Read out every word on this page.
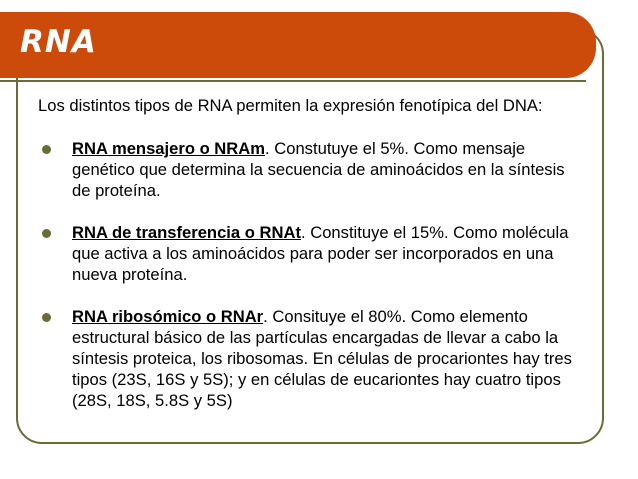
RNA

Los distintos tipos de RNA permiten la expresión fenotípica del DNA:

RNA mensajero o NRAm. Constutuye el 5%. Como mensaje genético que determina la secuencia de aminoácidos en la síntesis de proteína.
RNA de transferencia o RNAt. Constituye el 15%. Como molécula que activa a los aminoácidos para poder ser incorporados en una nueva proteína.
RNA ribosómico o RNAr. Consituye el 80%. Como elemento estructural básico de las partículas encargadas de llevar a cabo la síntesis proteica, los ribosomas. En células de procariontes hay tres tipos (23S, 16S y 5S); y en células de eucariontes hay cuatro tipos (28S, 18S, 5.8S y 5S)
